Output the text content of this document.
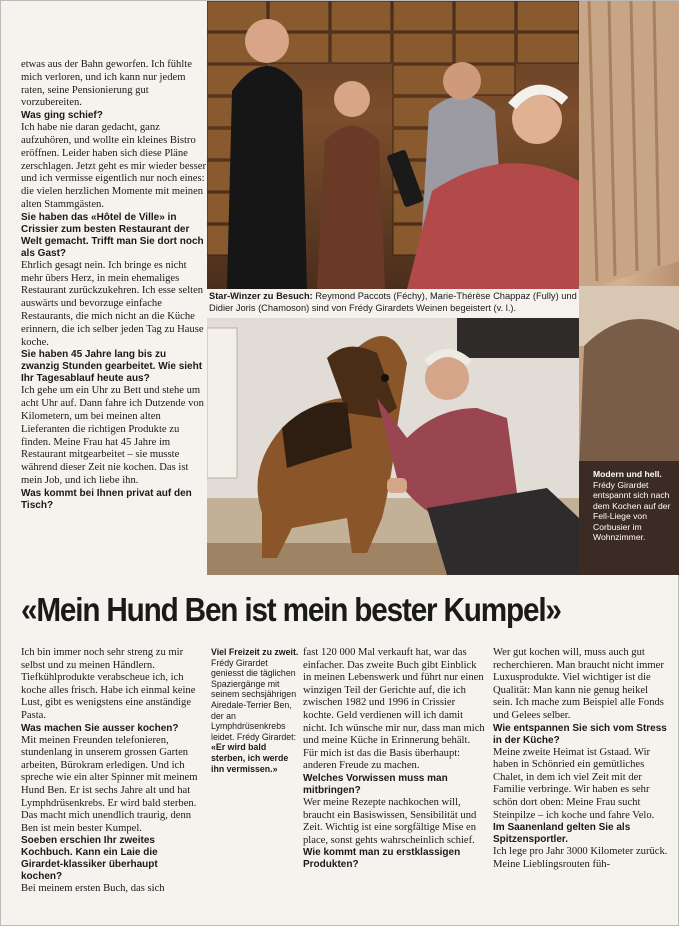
etwas aus der Bahn geworfen. Ich fühlte mich verloren, und ich kann nur jedem raten, seine Pensionierung gut vorzubereiten.

Was ging schief?

Ich habe nie daran gedacht, ganz aufzuhören, und wollte ein kleines Bistro eröffnen. Leider haben sich diese Pläne zerschlagen. Jetzt geht es mir wieder besser und ich vermisse eigentlich nur noch eines: die vielen herzlichen Momente mit meinen alten Stammgästen.

Sie haben das «Hôtel de Ville» in Crissier zum besten Restaurant der Welt gemacht. Trifft man Sie dort noch als Gast?

Ehrlich gesagt nein. Ich bringe es nicht mehr übers Herz, in mein ehemaliges Restaurant zurückzukehren. Ich esse selten auswärts und bevorzuge einfache Restaurants, die mich nicht an die Küche erinnern, die ich selber jeden Tag zu Hause koche.

Sie haben 45 Jahre lang bis zu zwanzig Stunden gearbeitet. Wie sieht Ihr Tagesablauf heute aus?

Ich gehe um ein Uhr zu Bett und stehe um acht Uhr auf. Dann fahre ich Dutzende von Kilometern, um bei meinen alten Lieferanten die richtigen Produkte zu finden. Meine Frau hat 45 Jahre im Restaurant mitgearbeitet – sie musste während dieser Zeit nie kochen. Das ist mein Job, und ich liebe ihn.

Was kommt bei Ihnen privat auf den Tisch?

Star-Winzer zu Besuch: Reymond Paccots (Féchy), Marie-Thérèse Chappaz (Fully) und Didier Joris (Chamoson) sind von Frédy Girardets Weinen begeistert (v. l.).
Modern und hell. Frédy Girardet entspannt sich nach dem Kochen auf der Fell-Liege von Corbusier im Wohnzimmer.
«Mein Hund Ben ist mein bester Kumpel»

Ich bin immer noch sehr streng zu mir selbst und zu meinen Händlern. Tiefkühlprodukte verabscheue ich, ich koche alles frisch. Habe ich einmal keine Lust, gibt es wenigstens eine anständige Pasta.

Was machen Sie ausser kochen?

Mit meinen Freunden telefonieren, stundenlang in unserem grossen Garten arbeiten, Bürokram erledigen. Und ich spreche wie ein alter Spinner mit meinem Hund Ben. Er ist sechs Jahre alt und hat Lymphdrüsenkrebs. Er wird bald sterben. Das macht mich unendlich traurig, denn Ben ist mein bester Kumpel.

Soeben erschien Ihr zweites Kochbuch. Kann ein Laie die Girardet-klassiker überhaupt kochen?

Bei meinem ersten Buch, das sich

Viel Freizeit zu zweit. Frédy Girardet geniesst die täglichen Spaziergänge mit seinem sechsjährigen Airedale-Terrier Ben, der an Lymphdrüsenkrebs leidet. Frédy Girardet:

«Er wird bald sterben, ich werde ihn vermissen.»

fast 120 000 Mal verkauft hat, war das einfacher. Das zweite Buch gibt Einblick in meinen Lebenswerk und führt nur einen winzigen Teil der Gerichte auf, die ich zwischen 1982 und 1996 in Crissier kochte. Geld verdienen will ich damit nicht. Ich wünsche mir nur, dass man mich und meine Küche in Erinnerung behält. Für mich ist das die Basis überhaupt: anderen Freude zu machen.

Welches Vorwissen muss man mitbringen?

Wer meine Rezepte nachkochen will, braucht ein Basiswissen, Sensibilität und Zeit. Wichtig ist eine sorgfältige Mise en place, sonst gehts wahrscheinlich schief.

Wie kommt man zu erstklassigen Produkten?

Wer gut kochen will, muss auch gut recherchieren. Man braucht nicht immer Luxusprodukte. Viel wichtiger ist die Qualität: Man kann nie genug heikel sein. Ich mache zum Beispiel alle Fonds und Gelees selber.

Wie entspannen Sie sich vom Stress in der Küche?

Meine zweite Heimat ist Gstaad. Wir haben in Schönried ein gemütliches Chalet, in dem ich viel Zeit mit der Familie verbringe. Wir haben es sehr schön dort oben: Meine Frau sucht Steinpilze – ich koche und fahre Velo.

Im Saanenland gelten Sie als Spitzensportler.

Ich lege pro Jahr 3000 Kilometer zurück. Meine Lieblingsrouten füh-
